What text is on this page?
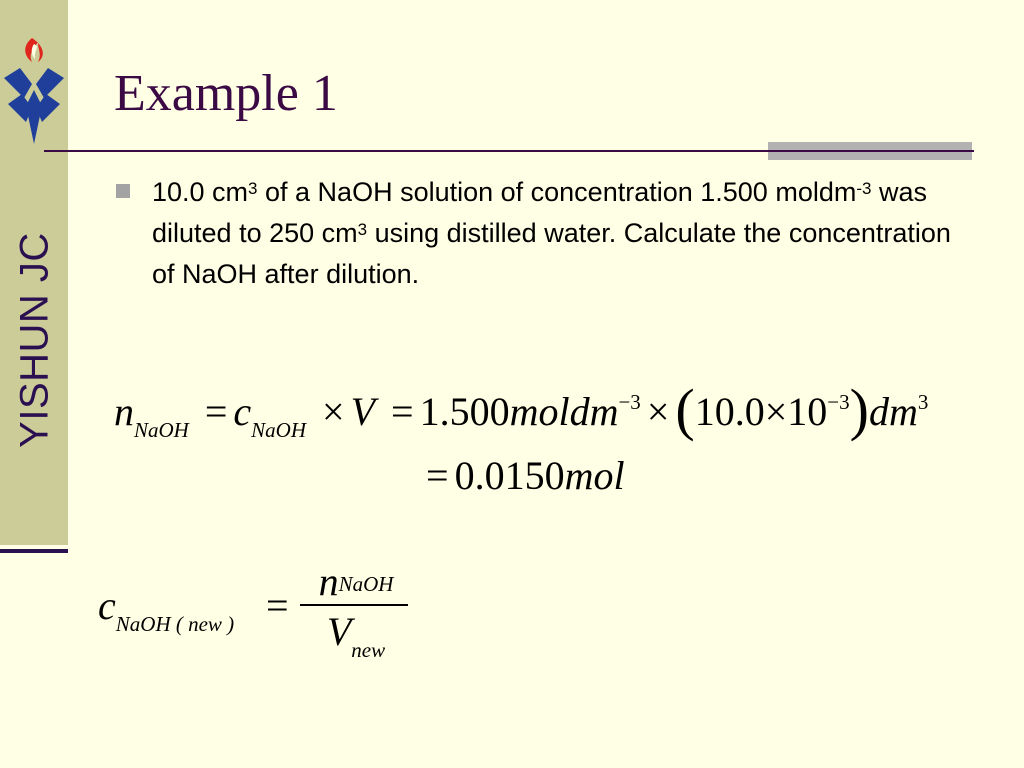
YISHUN JC
Example 1
10.0 $cm^3$ of a NaOH solution of concentration 1.500 moldm$^{-3}$ was diluted to 250 $cm^3$ using distilled water. Calculate the concentration of NaOH after dilution.
$n_{NaOH} = c_{NaOH} \times V$ = 1.500moldm$^{-3}$ × $(10.0\times 10^{-3})dm^3$
= 0.0150mol
$c_{NaOH ( new )}$ =
nNaOH
$V_{new}$
